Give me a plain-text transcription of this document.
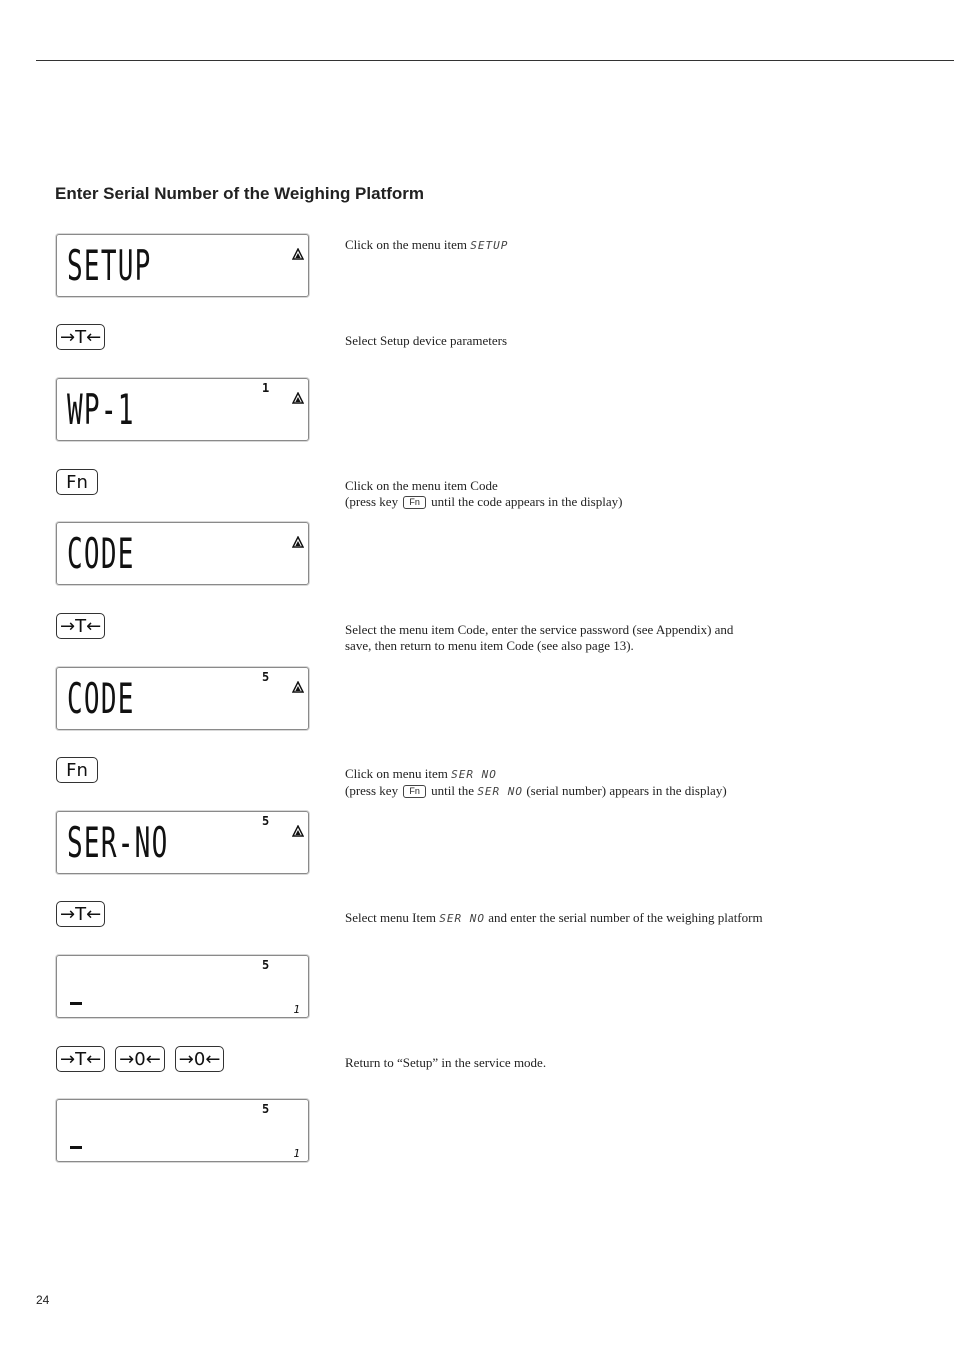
Enter Serial Number of the Weighing Platform
SETUP
→T←
1
WP-1
Fn
CODE
→T←
5
CODE
Fn
5
SER-NO
→T←
5
1
→T← →0← →0←
5
1

Click on the menu item SETUP

Select Setup device parameters

Click on the menu item Code
(press key Fn until the code appears in the display)

Select the menu item Code, enter the service password (see Appendix) and
save, then return to menu item Code (see also page 13).

Click on menu item SER NO
(press key Fn until the SER NO (serial number) appears in the display)

Select menu Item SER NO and enter the serial number of the weighing platform

Return to “Setup” in the service mode.

24
